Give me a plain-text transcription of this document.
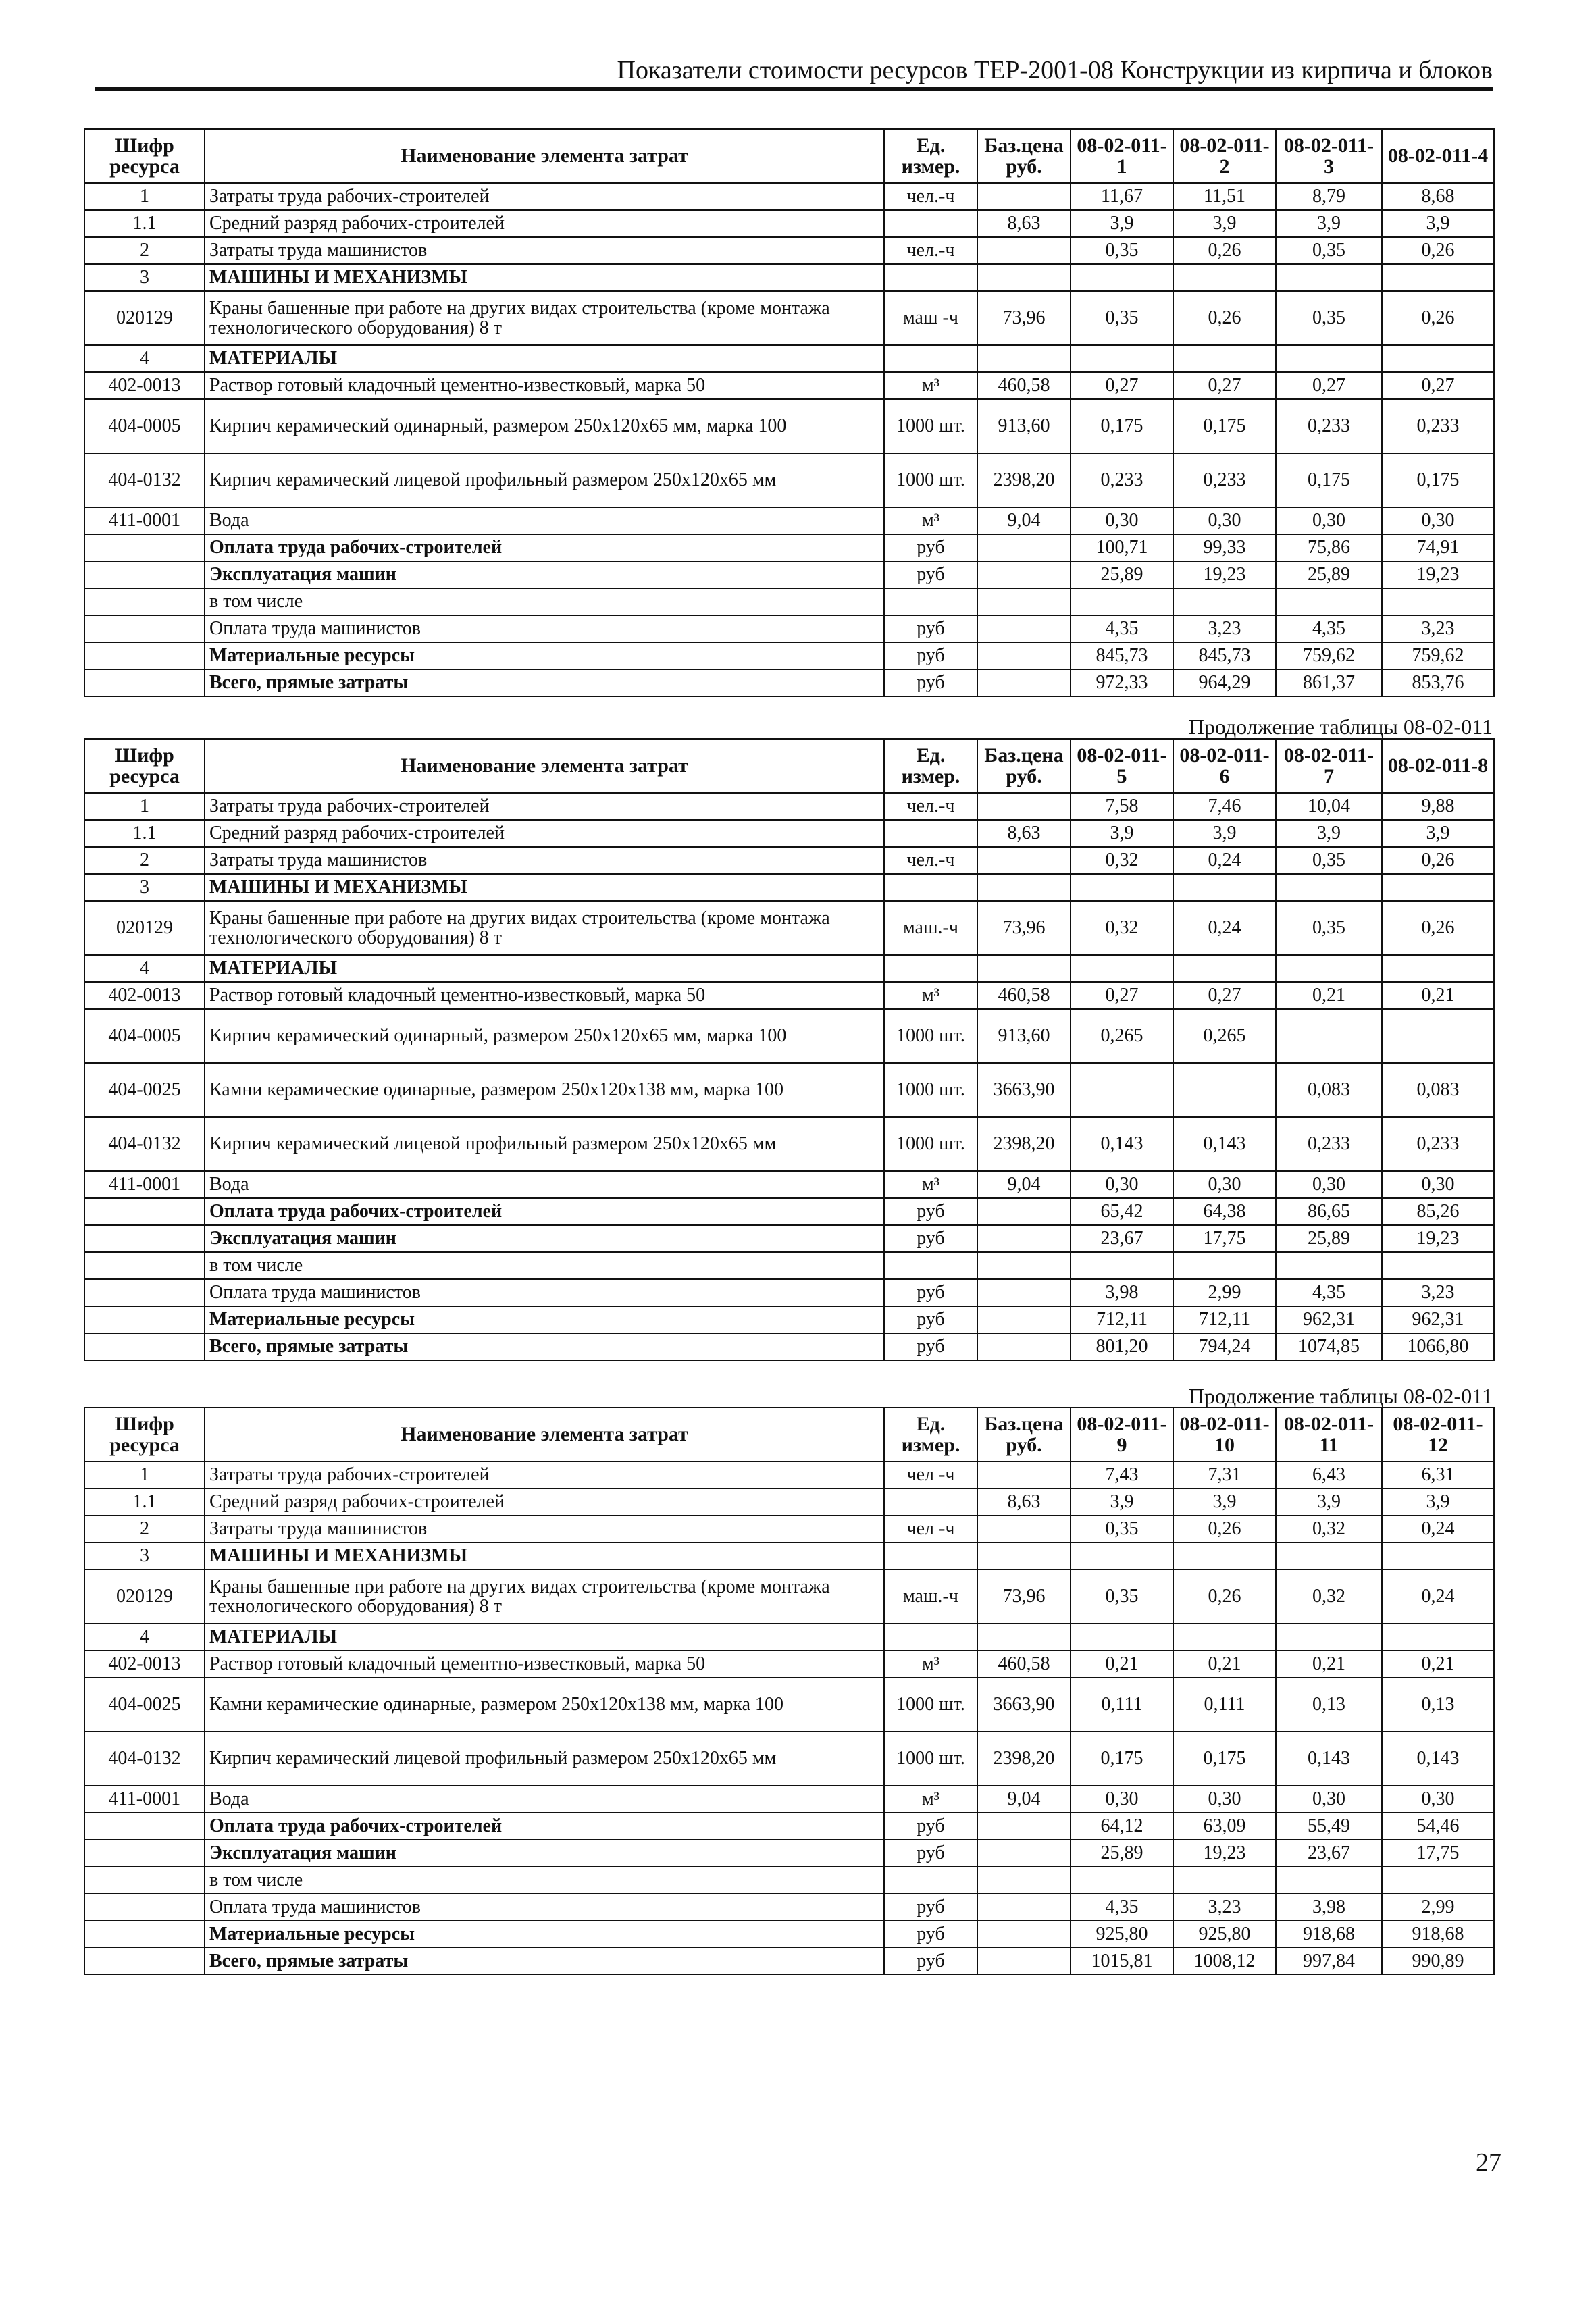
Показатели стоимости ресурсов ТЕР-2001-08 Конструкции из кирпича и блоков
Продолжение таблицы 08-02-011
Продолжение таблицы 08-02-011
27
Шифр ресурса	Наименование элемента затрат	Ед. измер.	Баз.цена руб.	08-02-011-1	08-02-011-2	08-02-011-3	08-02-011-4
1	Затраты труда рабочих-строителей	чел.-ч		11,67	11,51	8,79	8,68
1.1	Средний разряд рабочих-строителей		8,63	3,9	3,9	3,9	3,9
2	Затраты труда машинистов	чел.-ч		0,35	0,26	0,35	0,26
3	МАШИНЫ И МЕХАНИЗМЫ						
020129	Краны башенные при работе на других видах строительства (кроме монтажа технологического оборудования) 8 т	маш -ч	73,96	0,35	0,26	0,35	0,26
4	МАТЕРИАЛЫ						
402-0013	Раствор готовый кладочный цементно-известковый, марка 50	м³	460,58	0,27	0,27	0,27	0,27
404-0005	Кирпич керамический одинарный, размером 250х120х65 мм, марка 100	1000 шт.	913,60	0,175	0,175	0,233	0,233
404-0132	Кирпич керамический лицевой профильный размером 250х120х65 мм	1000 шт.	2398,20	0,233	0,233	0,175	0,175
411-0001	Вода	м³	9,04	0,30	0,30	0,30	0,30
	Оплата труда рабочих-строителей	руб		100,71	99,33	75,86	74,91
	Эксплуатация машин	руб		25,89	19,23	25,89	19,23
	в том числе						
	Оплата труда машинистов	руб		4,35	3,23	4,35	3,23
	Материальные ресурсы	руб		845,73	845,73	759,62	759,62
	Всего, прямые затраты	руб		972,33	964,29	861,37	853,76
Шифр ресурса	Наименование элемента затрат	Ед. измер.	Баз.цена руб.	08-02-011-5	08-02-011-6	08-02-011-7	08-02-011-8
1	Затраты труда рабочих-строителей	чел.-ч		7,58	7,46	10,04	9,88
1.1	Средний разряд рабочих-строителей		8,63	3,9	3,9	3,9	3,9
2	Затраты труда машинистов	чел.-ч		0,32	0,24	0,35	0,26
3	МАШИНЫ И МЕХАНИЗМЫ						
020129	Краны башенные при работе на других видах строительства (кроме монтажа технологического оборудования) 8 т	маш.-ч	73,96	0,32	0,24	0,35	0,26
4	МАТЕРИАЛЫ						
402-0013	Раствор готовый кладочный цементно-известковый, марка 50	м³	460,58	0,27	0,27	0,21	0,21
404-0005	Кирпич керамический одинарный, размером 250х120х65 мм, марка 100	1000 шт.	913,60	0,265	0,265		
404-0025	Камни керамические одинарные, размером 250х120х138 мм, марка 100	1000 шт.	3663,90			0,083	0,083
404-0132	Кирпич керамический лицевой профильный размером 250х120х65 мм	1000 шт.	2398,20	0,143	0,143	0,233	0,233
411-0001	Вода	м³	9,04	0,30	0,30	0,30	0,30
	Оплата труда рабочих-строителей	руб		65,42	64,38	86,65	85,26
	Эксплуатация машин	руб		23,67	17,75	25,89	19,23
	в том числе						
	Оплата труда машинистов	руб		3,98	2,99	4,35	3,23
	Материальные ресурсы	руб		712,11	712,11	962,31	962,31
	Всего, прямые затраты	руб		801,20	794,24	1074,85	1066,80
Шифр ресурса	Наименование элемента затрат	Ед. измер.	Баз.цена руб.	08-02-011-9	08-02-011-10	08-02-011-11	08-02-011-12
1	Затраты труда рабочих-строителей	чел -ч		7,43	7,31	6,43	6,31
1.1	Средний разряд рабочих-строителей		8,63	3,9	3,9	3,9	3,9
2	Затраты труда машинистов	чел -ч		0,35	0,26	0,32	0,24
3	МАШИНЫ И МЕХАНИЗМЫ						
020129	Краны башенные при работе на других видах строительства (кроме монтажа технологического оборудования) 8 т	маш.-ч	73,96	0,35	0,26	0,32	0,24
4	МАТЕРИАЛЫ						
402-0013	Раствор готовый кладочный цементно-известковый, марка 50	м³	460,58	0,21	0,21	0,21	0,21
404-0025	Камни керамические одинарные, размером 250х120х138 мм, марка 100	1000 шт.	3663,90	0,111	0,111	0,13	0,13
404-0132	Кирпич керамический лицевой профильный размером 250х120х65 мм	1000 шт.	2398,20	0,175	0,175	0,143	0,143
411-0001	Вода	м³	9,04	0,30	0,30	0,30	0,30
	Оплата труда рабочих-строителей	руб		64,12	63,09	55,49	54,46
	Эксплуатация машин	руб		25,89	19,23	23,67	17,75
	в том числе						
	Оплата труда машинистов	руб		4,35	3,23	3,98	2,99
	Материальные ресурсы	руб		925,80	925,80	918,68	918,68
	Всего, прямые затраты	руб		1015,81	1008,12	997,84	990,89
